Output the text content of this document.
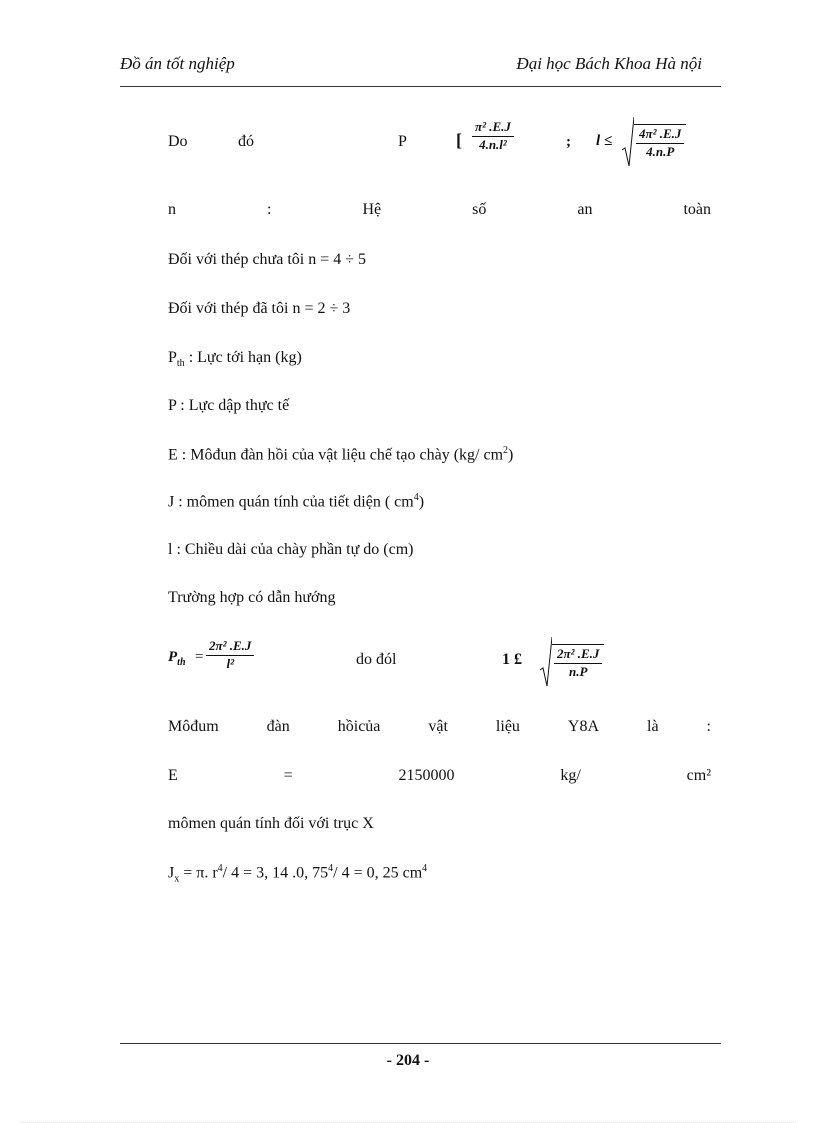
Đồ án tốt nghiệp	Đại học Bách Khoa Hà nội
Do	đó	P	[ $\frac{\text{π² .E.J}}{\text{4.n.l²}}$	; $l \le \frac{\text{4π² .E.J}}{4.n.P}$
n	:	Hệ	số	an	toàn
Đối với thép chưa tôi n = 4 ÷ 5
Đối với thép đã tôi n = 2 ÷ 3
$P_{th}$ : Lực tới hạn (kg)
P : Lực dập thực tế
E : Môđun đàn hồi của vật liệu chế tạo chày (kg/ $cm^2$)
J : mômen quán tính của tiết diện ( $cm^4$)
l : Chiều dài của chày phần tự do (cm)
Trường hợp có dẫn hướng
$P_{th} = \frac{\text{2π² .E.J}}{\text{l²}}$	do đól	1 £ $\frac{\text{2π² .E.J}}{n.P}$
Môđum	đàn	hồicủa	vật	liệu	Y8A	là	:
E	=	2150000	kg/	cm²
mômen quán tính đối với trục X
$J_x = \pi$. $r^4/$ 4 = 3, 14 .0, $75^4/$ 4 = 0, 25 $cm^4$
- 204 -
